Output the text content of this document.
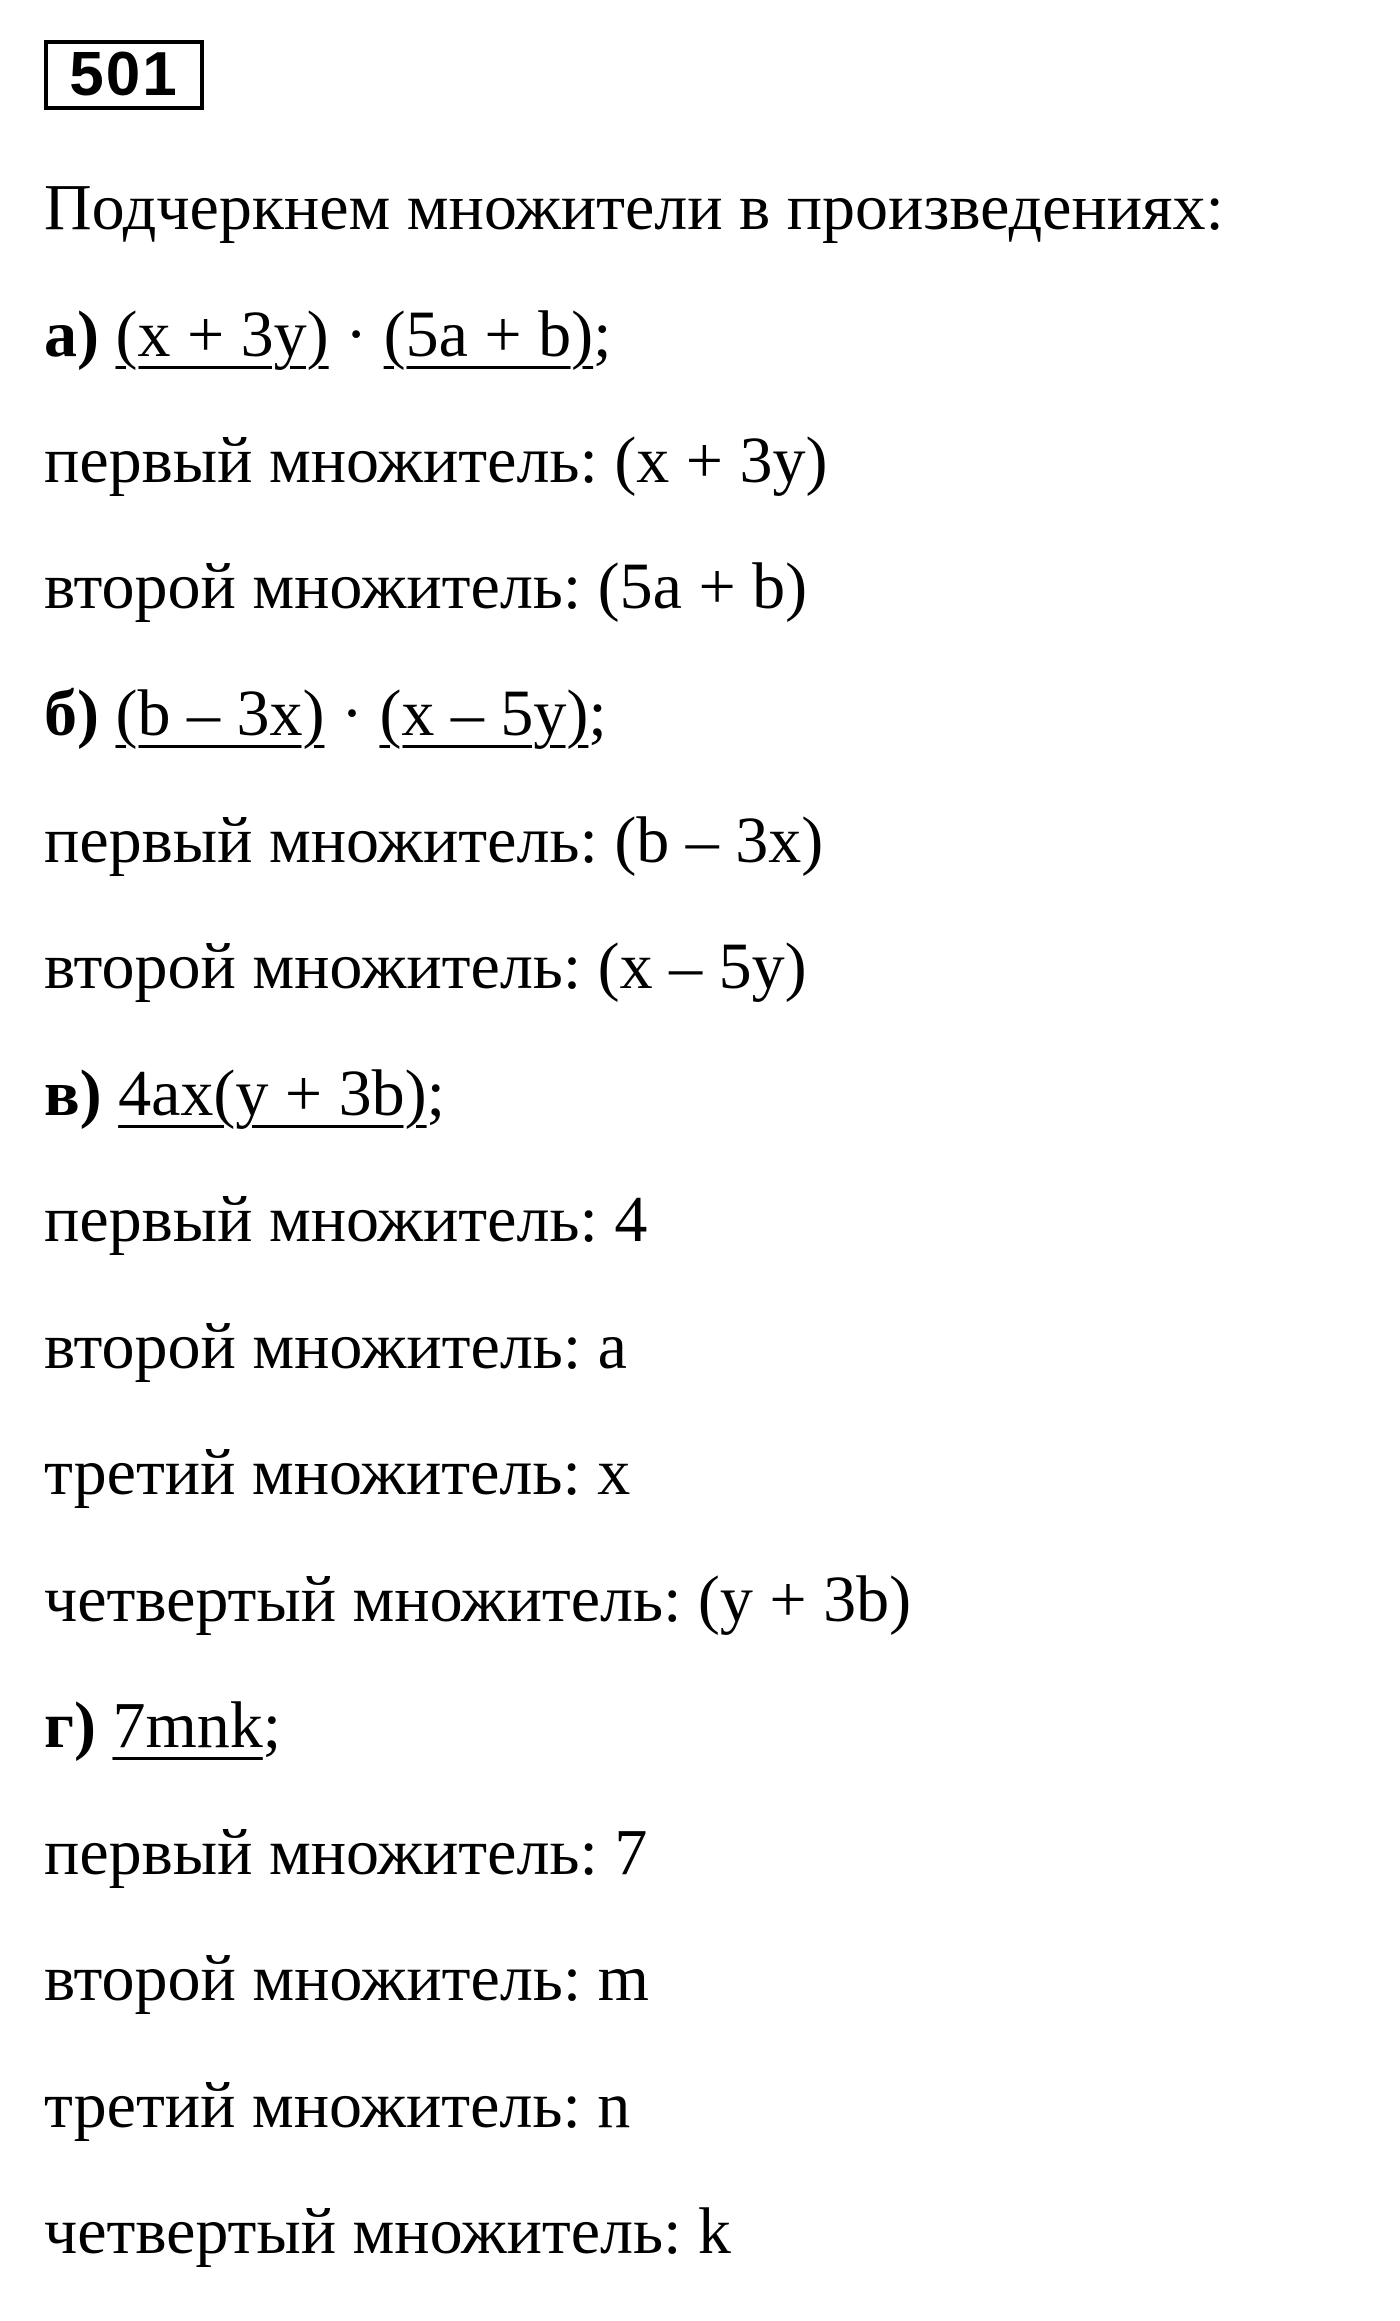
501
Подчеркнем множители в произведениях:
а) (x + 3y) · (5a + b);
первый множитель: (x + 3y)
второй множитель: (5a + b)
б) (b – 3x) · (x – 5y);
первый множитель: (b – 3x)
второй множитель: (x – 5y)
в) 4ax(y + 3b);
первый множитель: 4
второй множитель: a
третий множитель: x
четвертый множитель: (y + 3b)
г) 7mnk;
первый множитель: 7
второй множитель: m
третий множитель: n
четвертый множитель: k
